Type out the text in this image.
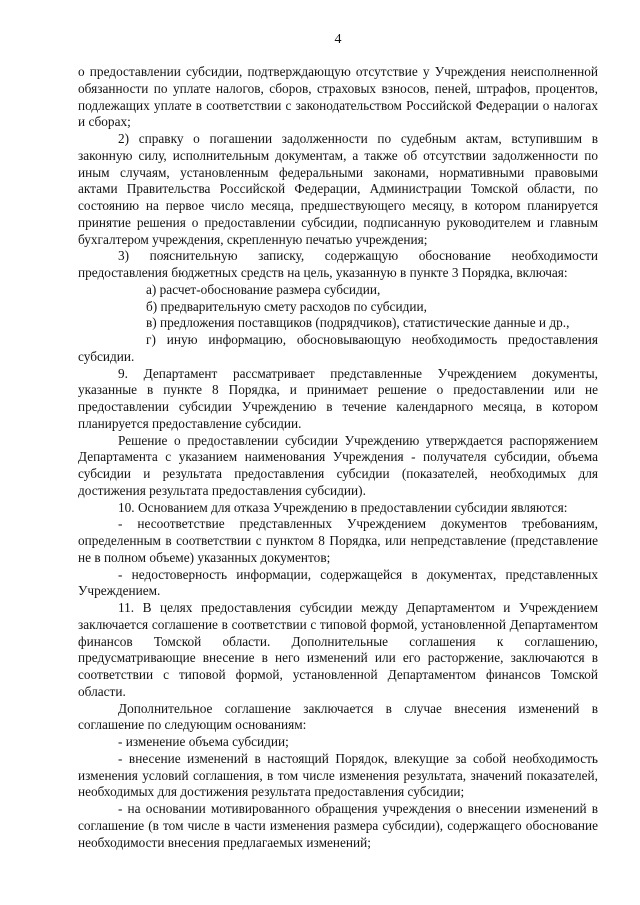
4

о предоставлении субсидии, подтверждающую отсутствие у Учреждения неисполненной обязанности по уплате налогов, сборов, страховых взносов, пеней, штрафов, процентов, подлежащих уплате в соответствии с законодательством Российской Федерации о налогах и сборах;

2) справку о погашении задолженности по судебным актам, вступившим в законную силу, исполнительным документам, а также об отсутствии задолженности по иным случаям, установленным федеральными законами, нормативными правовыми актами Правительства Российской Федерации, Администрации Томской области, по состоянию на первое число месяца, предшествующего месяцу, в котором планируется принятие решения о предоставлении субсидии, подписанную руководителем и главным бухгалтером учреждения, скрепленную печатью учреждения;

3) пояснительную записку, содержащую обоснование необходимости предоставления бюджетных средств на цель, указанную в пункте 3 Порядка, включая:

а) расчет-обоснование размера субсидии,

б) предварительную смету расходов по субсидии,

в) предложения поставщиков (подрядчиков), статистические данные и др.,

г) иную информацию, обосновывающую необходимость предоставления субсидии.

9. Департамент рассматривает представленные Учреждением документы, указанные в пункте 8 Порядка, и принимает решение о предоставлении или не предоставлении субсидии Учреждению в течение календарного месяца, в котором планируется предоставление субсидии.

Решение о предоставлении субсидии Учреждению утверждается распоряжением Департамента с указанием наименования Учреждения - получателя субсидии, объема субсидии и результата предоставления субсидии (показателей, необходимых для достижения результата предоставления субсидии).

10. Основанием для отказа Учреждению в предоставлении субсидии являются:

- несоответствие представленных Учреждением документов требованиям, определенным в соответствии с пунктом 8 Порядка, или непредставление (представление не в полном объеме) указанных документов;

- недостоверность информации, содержащейся в документах, представленных Учреждением.

11. В целях предоставления субсидии между Департаментом и Учреждением заключается соглашение в соответствии с типовой формой, установленной Департаментом финансов Томской области. Дополнительные соглашения к соглашению, предусматривающие внесение в него изменений или его расторжение, заключаются в соответствии с типовой формой, установленной Департаментом финансов Томской области.

Дополнительное соглашение заключается в случае внесения изменений в соглашение по следующим основаниям:

- изменение объема субсидии;

- внесение изменений в настоящий Порядок, влекущие за собой необходимость изменения условий соглашения, в том числе изменения результата, значений показателей, необходимых для достижения результата предоставления субсидии;

- на основании мотивированного обращения учреждения о внесении изменений в соглашение (в том числе в части изменения размера субсидии), содержащего обоснование необходимости внесения предлагаемых изменений;
